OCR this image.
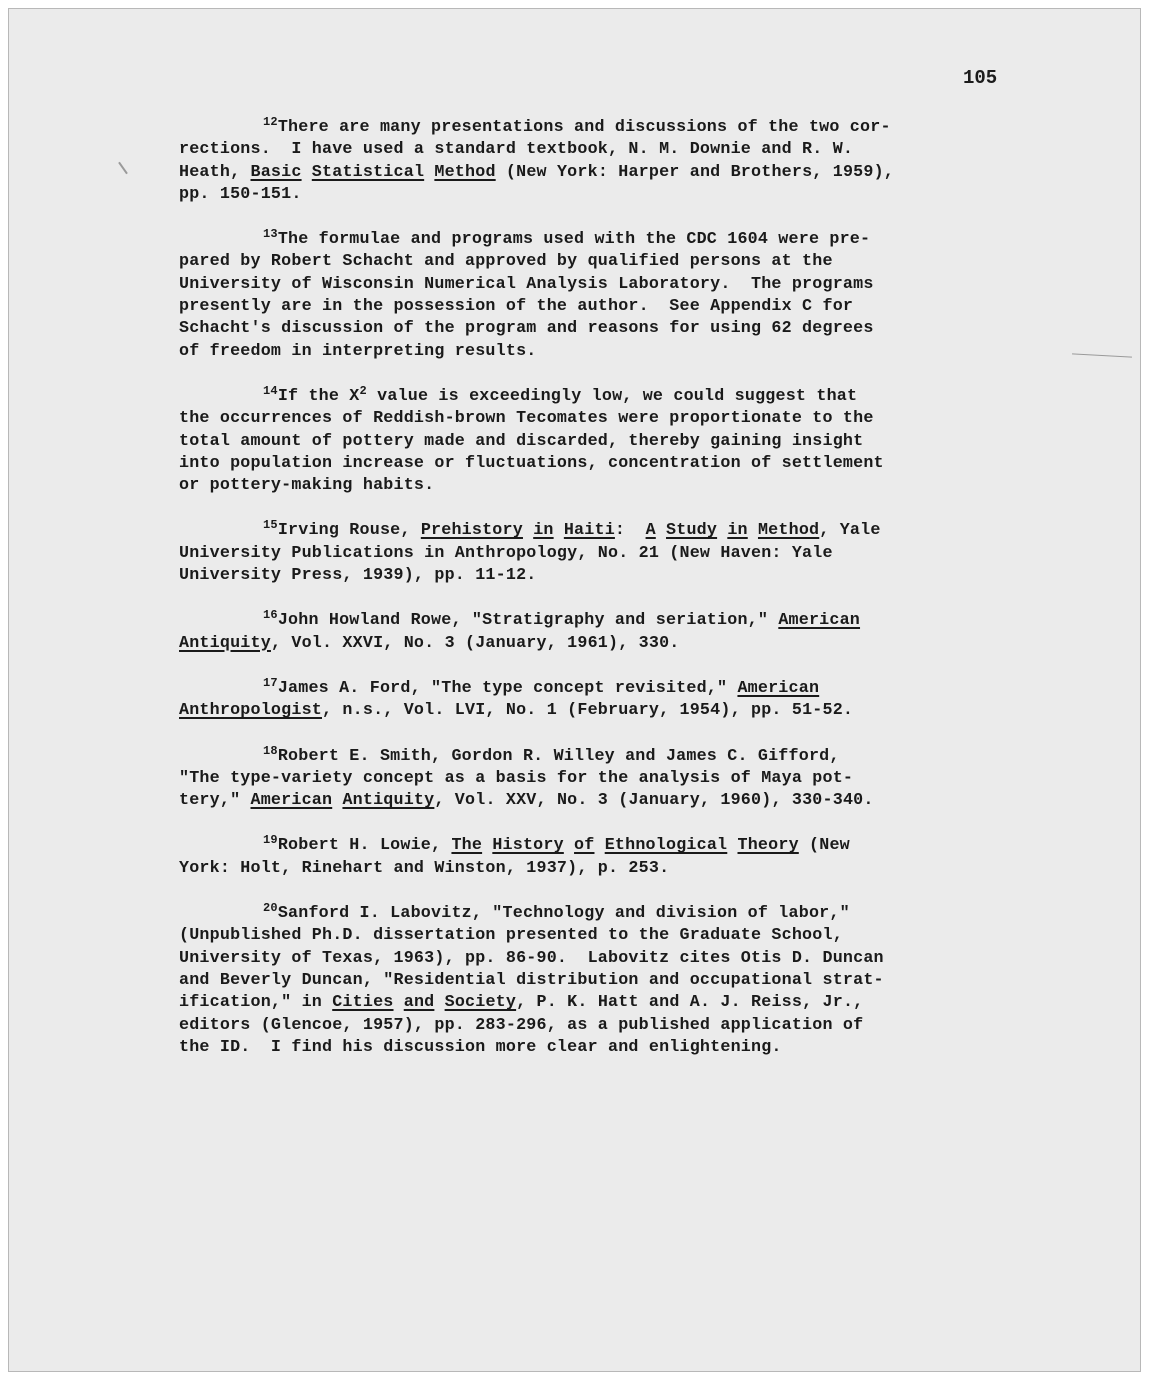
105
$^{12}$There are many presentations and discussions of the two cor-
rections.  I have used a standard textbook, N. M. Downie and R. W.
Heath, Basic Statistical Method (New York: Harper and Brothers, 1959),
pp. 150-151.
$^{13}$The formulae and programs used with the CDC 1604 were pre-
pared by Robert Schacht and approved by qualified persons at the
University of Wisconsin Numerical Analysis Laboratory.  The programs
presently are in the possession of the author.  See Appendix C for
Schacht's discussion of the program and reasons for using 62 degrees
of freedom in interpreting results.
$^{14}$If the $X^2$ value is exceedingly low, we could suggest that
the occurrences of Reddish-brown Tecomates were proportionate to the
total amount of pottery made and discarded, thereby gaining insight
into population increase or fluctuations, concentration of settlement
or pottery-making habits.
$^{15}$Irving Rouse, Prehistory in Haiti:  A Study in Method, Yale
University Publications in Anthropology, No. 21 (New Haven: Yale
University Press, 1939), pp. 11-12.
$^{16}$John Howland Rowe, "Stratigraphy and seriation," American
Antiquity, Vol. XXVI, No. 3 (January, 1961), 330.
$^{17}$James A. Ford, "The type concept revisited," American
Anthropologist, n.s., Vol. LVI, No. 1 (February, 1954), pp. 51-52.
$^{18}$Robert E. Smith, Gordon R. Willey and James C. Gifford,
"The type-variety concept as a basis for the analysis of Maya pot-
tery," American Antiquity, Vol. XXV, No. 3 (January, 1960), 330-340.
$^{19}$Robert H. Lowie, The History of Ethnological Theory (New
York: Holt, Rinehart and Winston, 1937), p. 253.
$^{20}$Sanford I. Labovitz, "Technology and division of labor,"
(Unpublished Ph.D. dissertation presented to the Graduate School,
University of Texas, 1963), pp. 86-90.  Labovitz cites Otis D. Duncan
and Beverly Duncan, "Residential distribution and occupational strat-
ification," in Cities and Society, P. K. Hatt and A. J. Reiss, Jr.,
editors (Glencoe, 1957), pp. 283-296, as a published application of
the ID.  I find his discussion more clear and enlightening.
